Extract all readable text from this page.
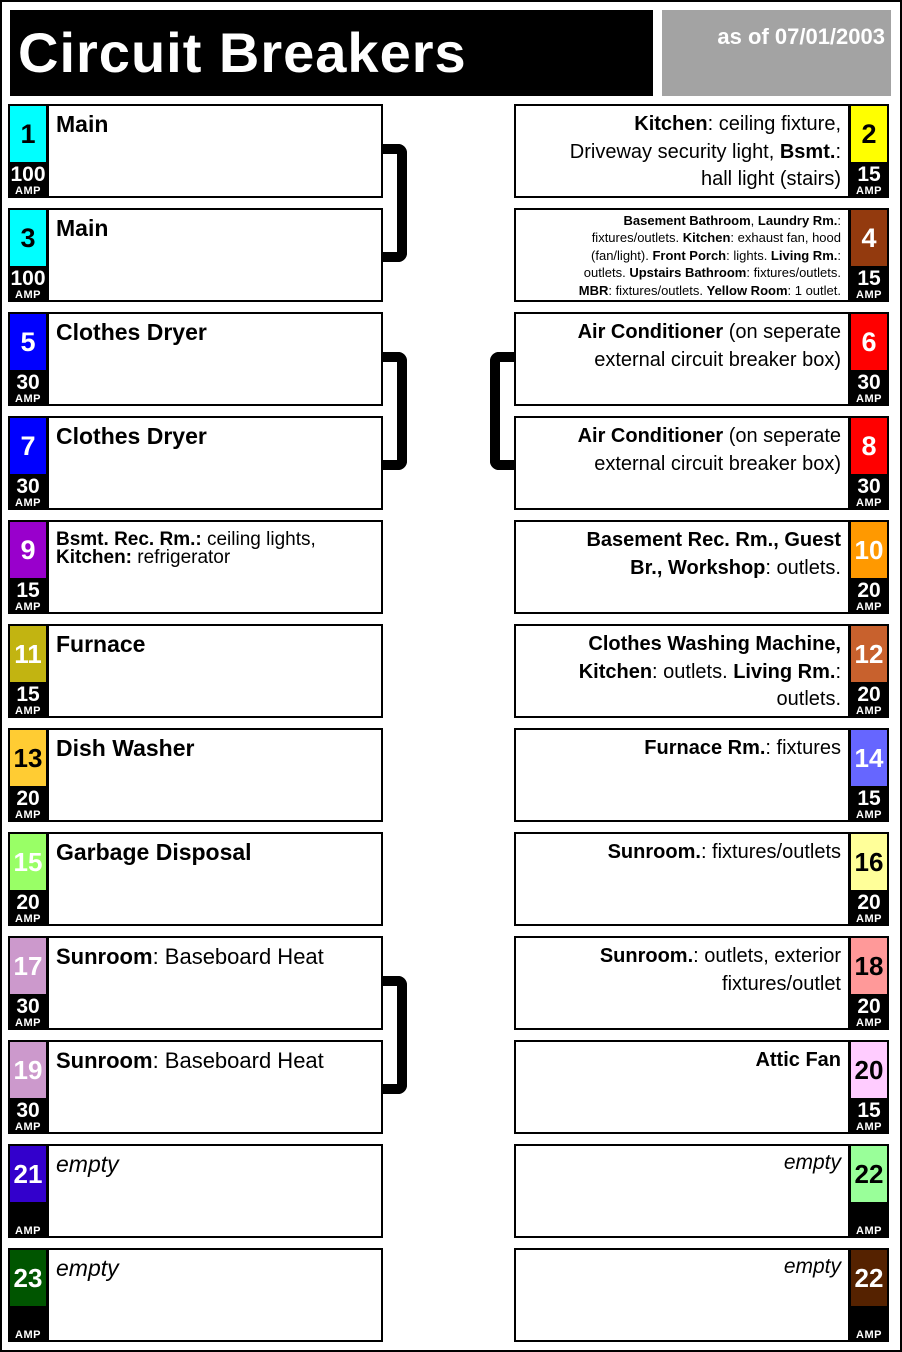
Circuit Breakers	as of 07/01/2003
Main
1
100
AMP
Kitchen: ceiling fixture,
Driveway security light, Bsmt.:
hall light (stairs)
2
15
AMP
Main
3
100
AMP
Basement Bathroom, Laundry Rm.:
fixtures/outlets. Kitchen: exhaust fan, hood
(fan/light). Front Porch: lights. Living Rm.:
outlets. Upstairs Bathroom: fixtures/outlets.
MBR: fixtures/outlets. Yellow Room: 1 outlet.
4
15
AMP
Clothes Dryer
5
30
AMP
Air Conditioner (on seperate
external circuit breaker box)
6
30
AMP
Clothes Dryer
7
30
AMP
Air Conditioner (on seperate
external circuit breaker box)
8
30
AMP
Bsmt. Rec. Rm.: ceiling lights,
Kitchen: refrigerator
9
15
AMP
Basement Rec. Rm., Guest
Br., Workshop: outlets.
10
20
AMP
Furnace
11
15
AMP
Clothes Washing Machine,
Kitchen: outlets. Living Rm.:
outlets.
12
20
AMP
Dish Washer
13
20
AMP
Furnace Rm.: fixtures 14
15
AMP
Garbage Disposal
15
20
AMP
Sunroom.: fixtures/outlets 16
20
AMP
Sunroom: Baseboard Heat
17
30
AMP
Sunroom.: outlets, exterior
fixtures/outlet
18
20
AMP
Sunroom: Baseboard Heat
19
30
AMP
Attic Fan 20
15
AMP
empty
21

AMP
empty 22

AMP
empty
23

AMP
empty 22

AMP
